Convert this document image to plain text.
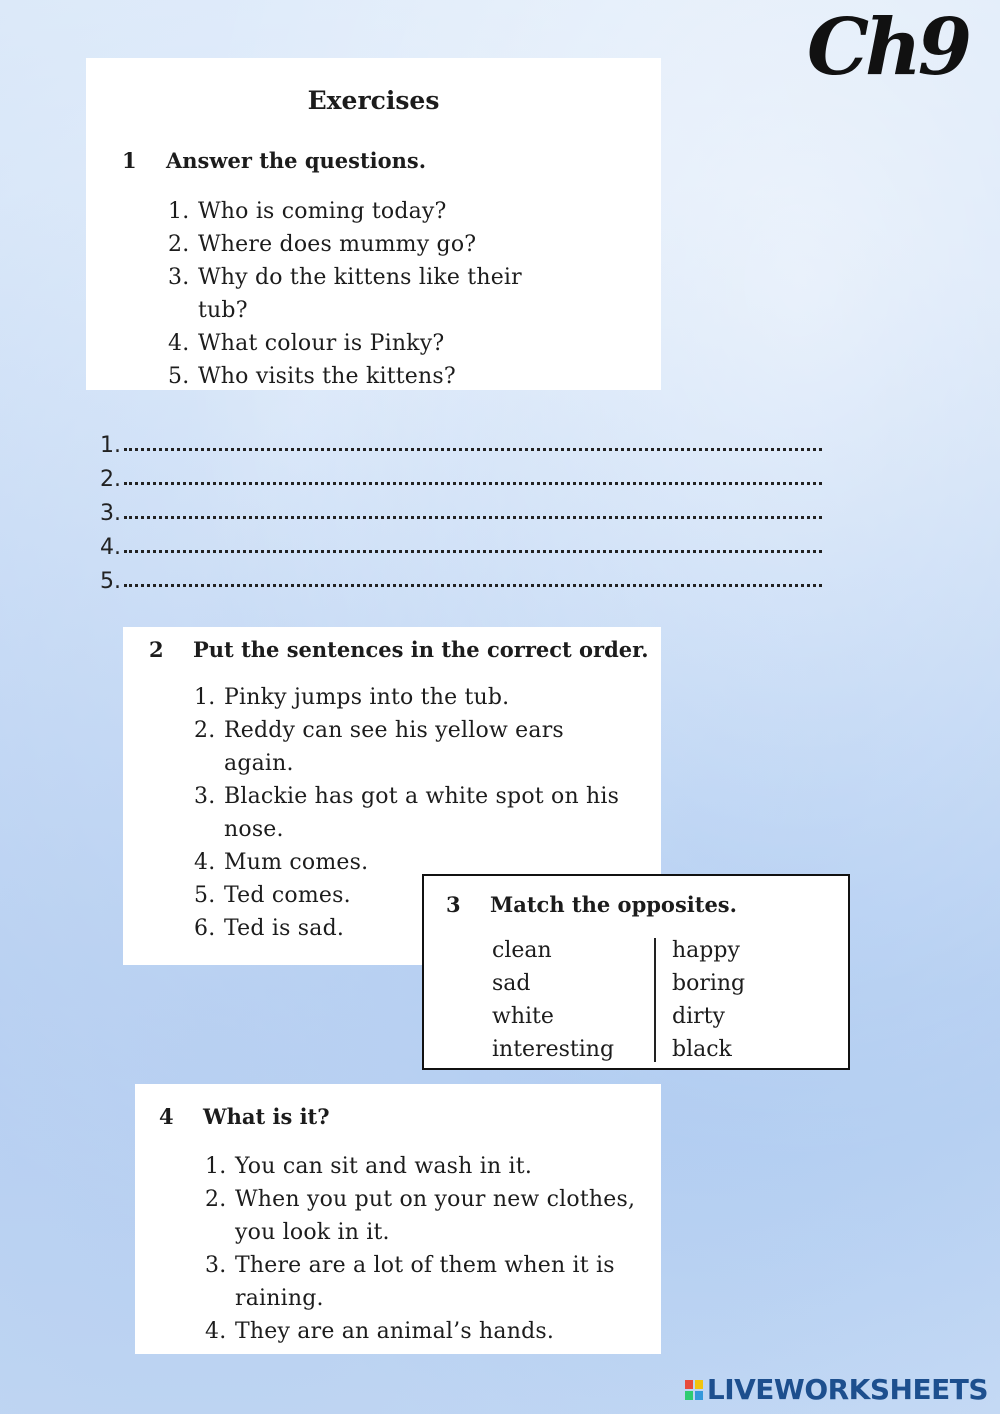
Ch9
Exercises
1 Answer the questions.
1. Who is coming today?
2. Where does mummy go?
3. Why do the kittens like their
tub?
4. What colour is Pinky?
5. Who visits the kittens?
1.
2.
3.
4.
5.
2 Put the sentences in the correct order.
1. Pinky jumps into the tub.
2. Reddy can see his yellow ears
again.
3. Blackie has got a white spot on his
nose.
4. Mum comes.
5. Ted comes.
6. Ted is sad.
3 Match the opposites.
clean
sad
white
interesting
happy
boring
dirty
black
4 What is it?
1. You can sit and wash in it.
2. When you put on your new clothes,
you look in it.
3. There are a lot of them when it is
raining.
4. They are an animal’s hands.
LIVEWORKSHEETS
